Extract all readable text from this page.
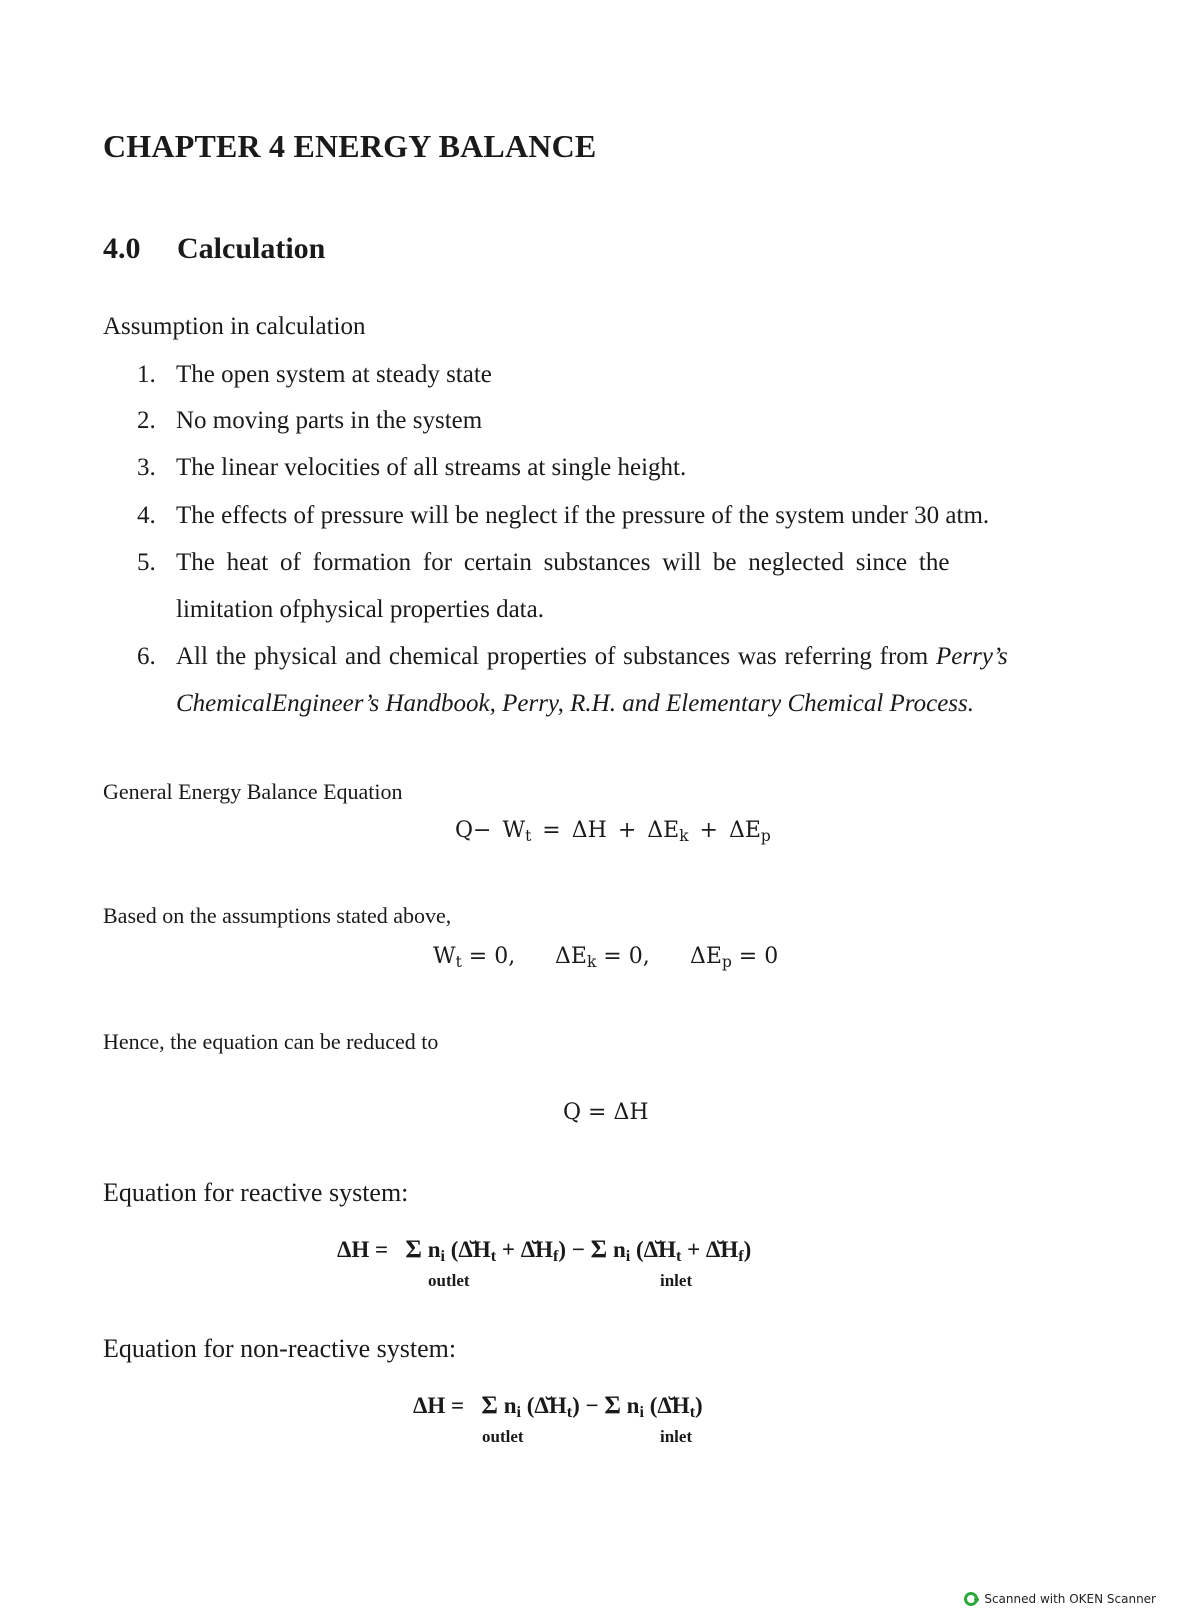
CHAPTER 4 ENERGY BALANCE
4.0 Calculation
Assumption in calculation
1. The open system at steady state
2. No moving parts in the system
3. The linear velocities of all streams at single height.
4. The effects of pressure will be neglect if the pressure of the system under 30 atm.
5. The heat of formation for certain substances will be neglected since the
limitation ofphysical properties data.
6. All the physical and chemical properties of substances was referring from Perry’s
ChemicalEngineer’s Handbook, Perry, R.H. and Elementary Chemical Process.
General Energy Balance Equation
$Q- W_t = \Delta H + \Delta E_k + \Delta E_p$
Based on the assumptions stated above,
$W_t = 0$, $\Delta E_k = 0$, $\Delta E_p = 0$
Hence, the equation can be reduced to
Q = ΔH
Equation for reactive system:
ΔH = Σ $n_i$ ($\DeltăH_t$ + $\DeltăH_f) - \Sigma$ $n_i$ ($\DeltăH_t$ + $\DeltăH_f$)
outlet	inlet
Equation for non-reactive system:
ΔH = Σ $n_i$ $(\DeltăH_t) - \Sigma$ $n_i$ $(\DeltăH_t)$
outlet	inlet
Scanned with OKEN Scanner
